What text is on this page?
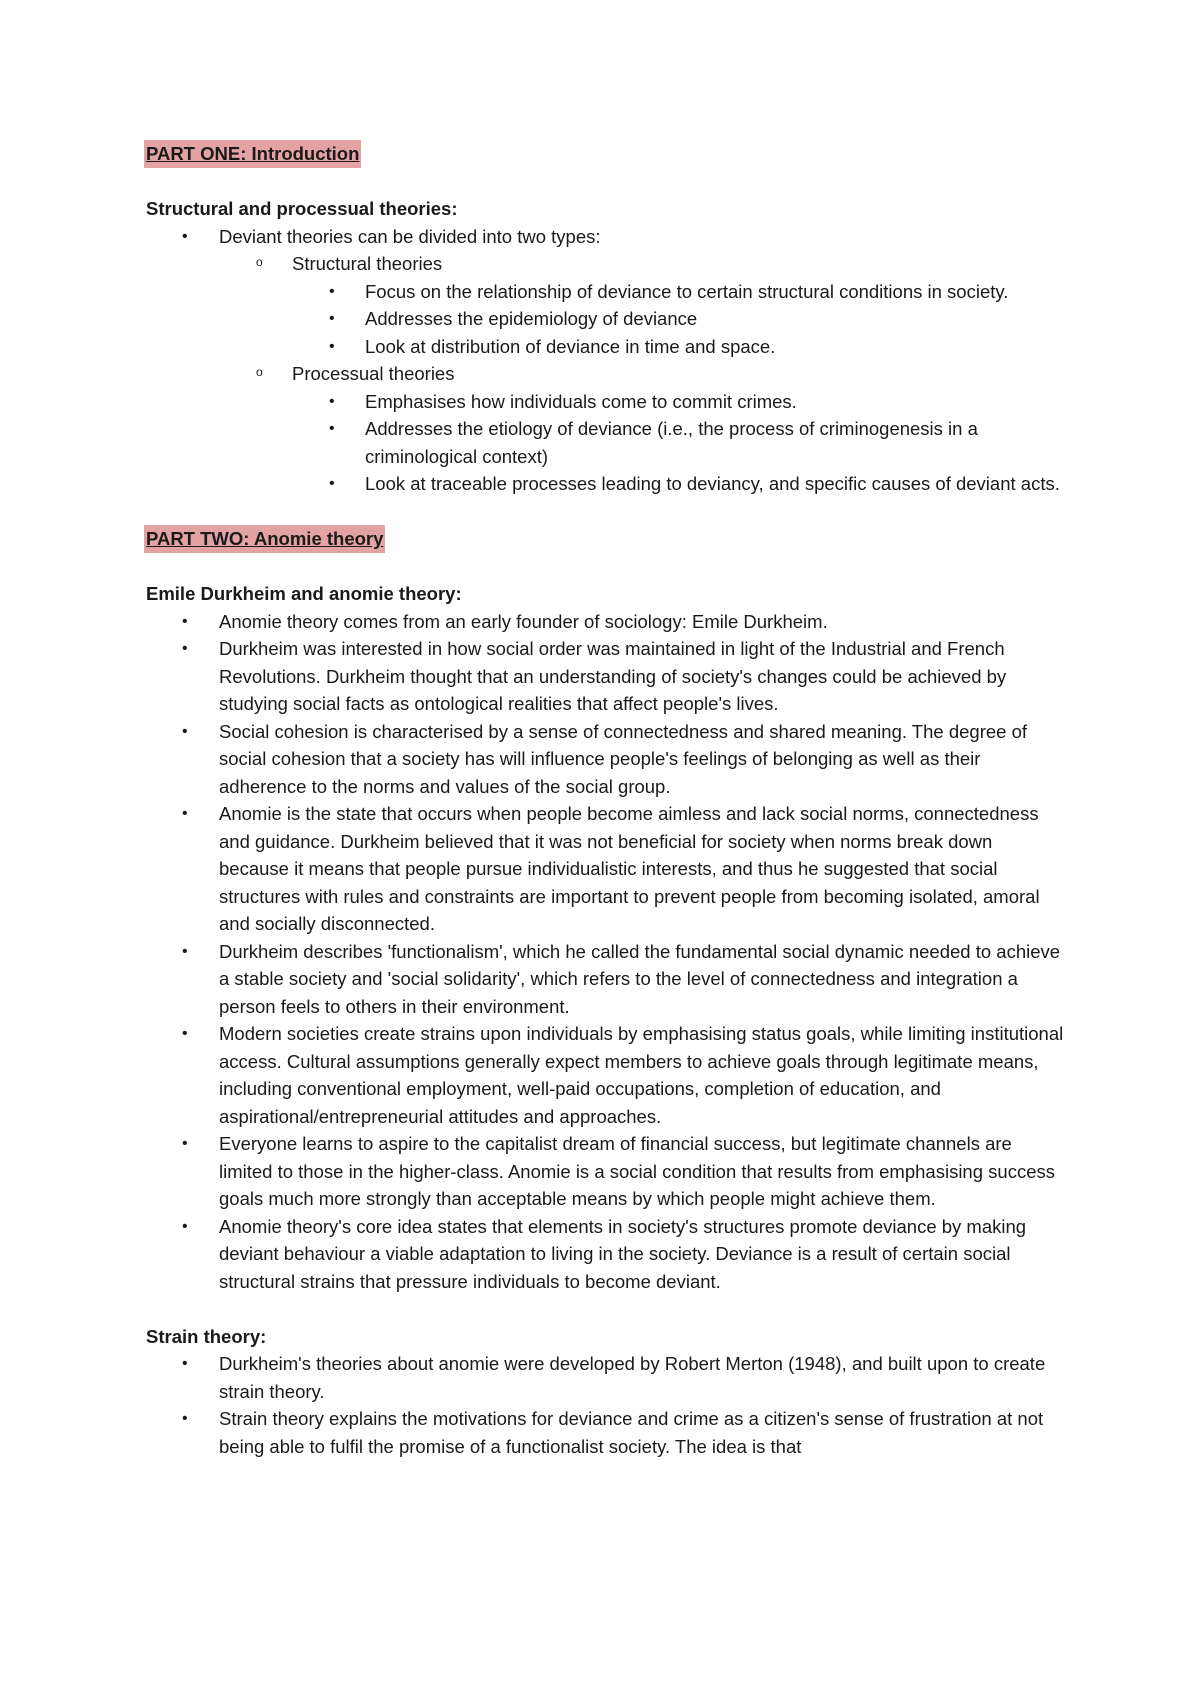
PART ONE: Introduction
Structural and processual theories:
• Deviant theories can be divided into two types:
o Structural theories
• Focus on the relationship of deviance to certain structural conditions in society.
• Addresses the epidemiology of deviance
• Look at distribution of deviance in time and space.
o Processual theories
• Emphasises how individuals come to commit crimes.
• Addresses the etiology of deviance (i.e., the process of criminogenesis in a criminological context)
• Look at traceable processes leading to deviancy, and specific causes of deviant acts.
PART TWO: Anomie theory
Emile Durkheim and anomie theory:
• Anomie theory comes from an early founder of sociology: Emile Durkheim.
• Durkheim was interested in how social order was maintained in light of the Industrial and French Revolutions. Durkheim thought that an understanding of society's changes could be achieved by studying social facts as ontological realities that affect people's lives.
• Social cohesion is characterised by a sense of connectedness and shared meaning. The degree of social cohesion that a society has will influence people's feelings of belonging as well as their adherence to the norms and values of the social group.
• Anomie is the state that occurs when people become aimless and lack social norms, connectedness and guidance. Durkheim believed that it was not beneficial for society when norms break down because it means that people pursue individualistic interests, and thus he suggested that social structures with rules and constraints are important to prevent people from becoming isolated, amoral and socially disconnected.
• Durkheim describes 'functionalism', which he called the fundamental social dynamic needed to achieve a stable society and 'social solidarity', which refers to the level of connectedness and integration a person feels to others in their environment.
• Modern societies create strains upon individuals by emphasising status goals, while limiting institutional access. Cultural assumptions generally expect members to achieve goals through legitimate means, including conventional employment, well-paid occupations, completion of education, and aspirational/entrepreneurial attitudes and approaches.
• Everyone learns to aspire to the capitalist dream of financial success, but legitimate channels are limited to those in the higher-class. Anomie is a social condition that results from emphasising success goals much more strongly than acceptable means by which people might achieve them.
• Anomie theory's core idea states that elements in society's structures promote deviance by making deviant behaviour a viable adaptation to living in the society. Deviance is a result of certain social structural strains that pressure individuals to become deviant.
Strain theory:
• Durkheim's theories about anomie were developed by Robert Merton (1948), and built upon to create strain theory.
• Strain theory explains the motivations for deviance and crime as a citizen's sense of frustration at not being able to fulfil the promise of a functionalist society. The idea is that
